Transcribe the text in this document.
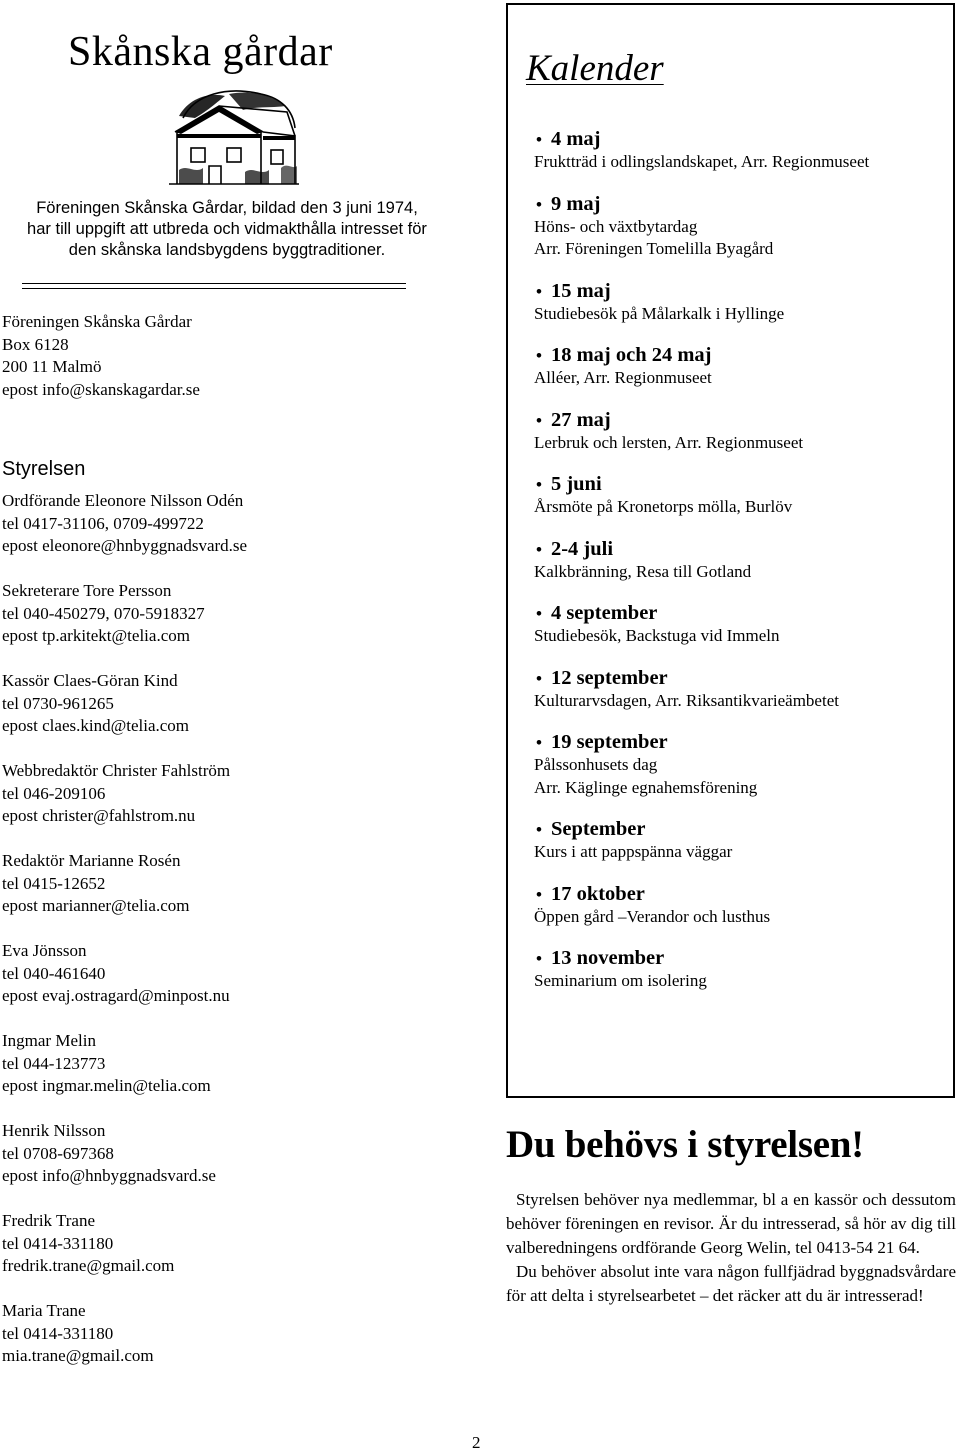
Skånska gårdar

Föreningen Skånska Gårdar, bildad den 3 juni 1974, har till uppgift att utbreda och vidmakthålla intresset för den skånska landsbygdens byggtraditioner.

Föreningen Skånska Gårdar
Box 6128
200 11 Malmö
epost info@skanskagardar.se
Styrelsen
Ordförande Eleonore Nilsson Odén
tel 0417-31106, 0709-499722
epost eleonore@hnbyggnadsvard.se
Sekreterare Tore Persson
tel 040-450279, 070-5918327
epost tp.arkitekt@telia.com
Kassör Claes-Göran Kind
tel 0730-961265
epost claes.kind@telia.com
Webbredaktör Christer Fahlström
tel 046-209106
epost christer@fahlstrom.nu
Redaktör Marianne Rosén
tel 0415-12652
epost marianner@telia.com
Eva Jönsson
tel 040-461640
epost evaj.ostragard@minpost.nu
Ingmar Melin
tel 044-123773
epost ingmar.melin@telia.com
Henrik Nilsson
tel 0708-697368
epost info@hnbyggnadsvard.se
Fredrik Trane
tel 0414-331180
fredrik.trane@gmail.com
Maria Trane
tel 0414-331180
mia.trane@gmail.com
Kalender
• 4 maj
Fruktträd i odlingslandskapet, Arr. Regionmuseet
• 9 maj
Höns- och växtbytardag
Arr. Föreningen Tomelilla Byagård
• 15 maj
Studiebesök på Målarkalk i Hyllinge
• 18 maj och 24 maj
Alléer, Arr. Regionmuseet
• 27 maj
Lerbruk och lersten, Arr. Regionmuseet
• 5 juni
Årsmöte på Kronetorps mölla, Burlöv
• 2-4 juli
Kalkbränning, Resa till Gotland
• 4 september
Studiebesök, Backstuga vid Immeln
• 12 september
Kulturarvsdagen, Arr. Riksantikvarieämbetet
• 19 september
Pålssonhusets dag
Arr. Käglinge egnahemsförening
• September
Kurs i att pappspänna väggar
• 17 oktober
Öppen gård –Verandor och lusthus
• 13 november
Seminarium om isolering
Du behövs i styrelsen!

Styrelsen behöver nya medlemmar, bl a en kassör och dessutom behöver föreningen en revisor. Är du intresserad, så hör av dig till valberedningens ordförande Georg Welin, tel 0413-54 21 64.

Du behöver absolut inte vara någon fullfjädrad byggnadsvårdare för att delta i styrelsearbetet – det räcker att du är intresserad!

2
